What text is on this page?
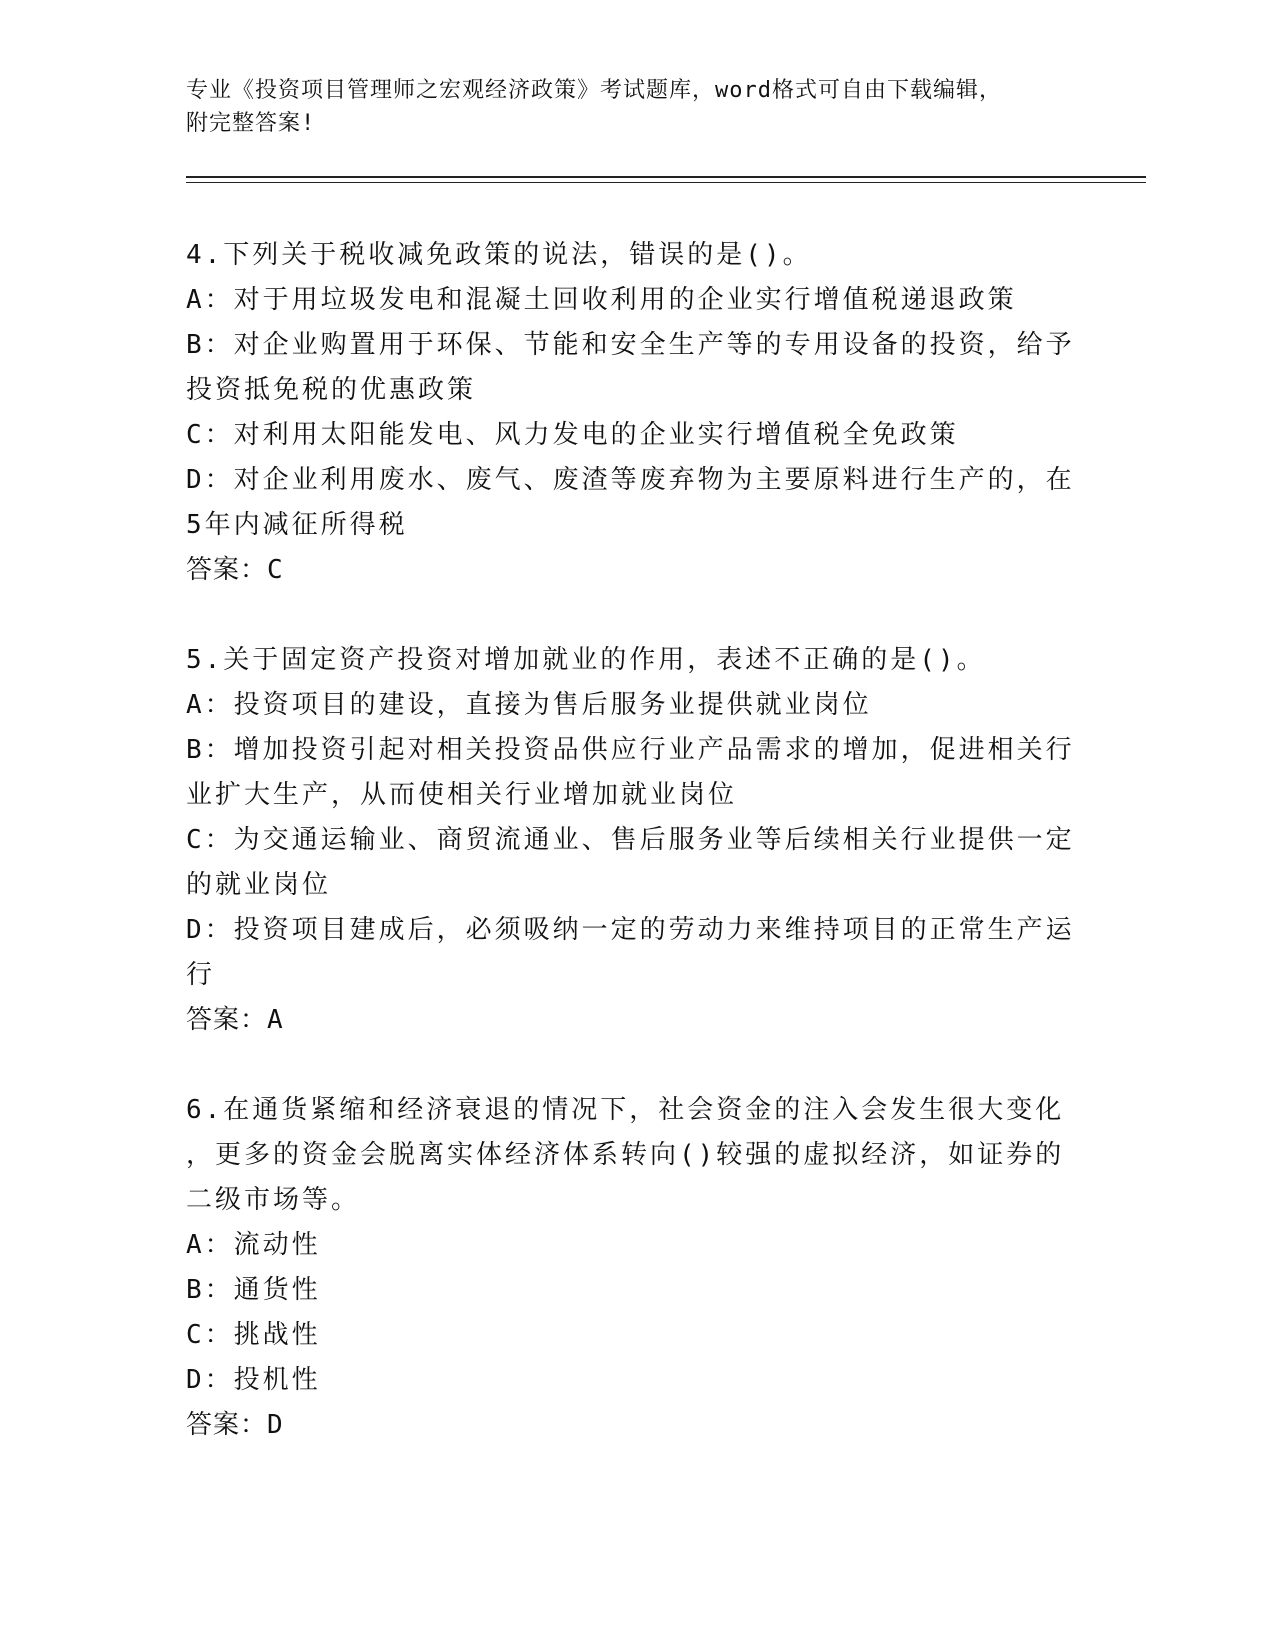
专业《投资项目管理师之宏观经济政策》考试题库，word格式可自由下载编辑，
附完整答案!
4.下列关于税收减免政策的说法，错误的是()。
A：对于用垃圾发电和混凝土回收利用的企业实行增值税递退政策
B：对企业购置用于环保、节能和安全生产等的专用设备的投资，给予
投资抵免税的优惠政策
C：对利用太阳能发电、风力发电的企业实行增值税全免政策
D：对企业利用废水、废气、废渣等废弃物为主要原料进行生产的，在
5年内减征所得税
答案：C
5.关于固定资产投资对增加就业的作用，表述不正确的是()。
A：投资项目的建设，直接为售后服务业提供就业岗位
B：增加投资引起对相关投资品供应行业产品需求的增加，促进相关行
业扩大生产，从而使相关行业增加就业岗位
C：为交通运输业、商贸流通业、售后服务业等后续相关行业提供一定
的就业岗位
D：投资项目建成后，必须吸纳一定的劳动力来维持项目的正常生产运
行
答案：A
6.在通货紧缩和经济衰退的情况下，社会资金的注入会发生很大变化
，更多的资金会脱离实体经济体系转向()较强的虚拟经济，如证券的
二级市场等。
A：流动性
B：通货性
C：挑战性
D：投机性
答案：D
